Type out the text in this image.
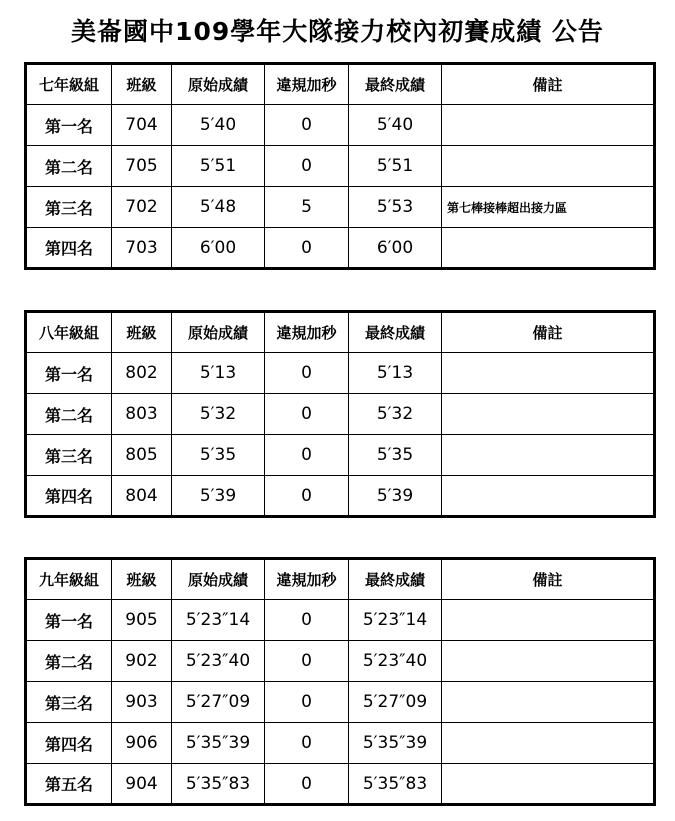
美崙國中109學年大隊接力校內初賽成績 公告
七年級組	班級	原始成績	違規加秒	最終成績	備註
第一名	704	5′40	0	5′40	
第二名	705	5′51	0	5′51	
第三名	702	5′48	5	5′53	第七棒接棒超出接力區
第四名	703	6′00	0	6′00	
八年級組	班級	原始成績	違規加秒	最終成績	備註
第一名	802	5′13	0	5′13	
第二名	803	5′32	0	5′32	
第三名	805	5′35	0	5′35	
第四名	804	5′39	0	5′39	
九年級組	班級	原始成績	違規加秒	最終成績	備註
第一名	905	5′23″14	0	5′23″14	
第二名	902	5′23″40	0	5′23″40	
第三名	903	5′27″09	0	5′27″09	
第四名	906	5′35″39	0	5′35″39	
第五名	904	5′35″83	0	5′35″83	
